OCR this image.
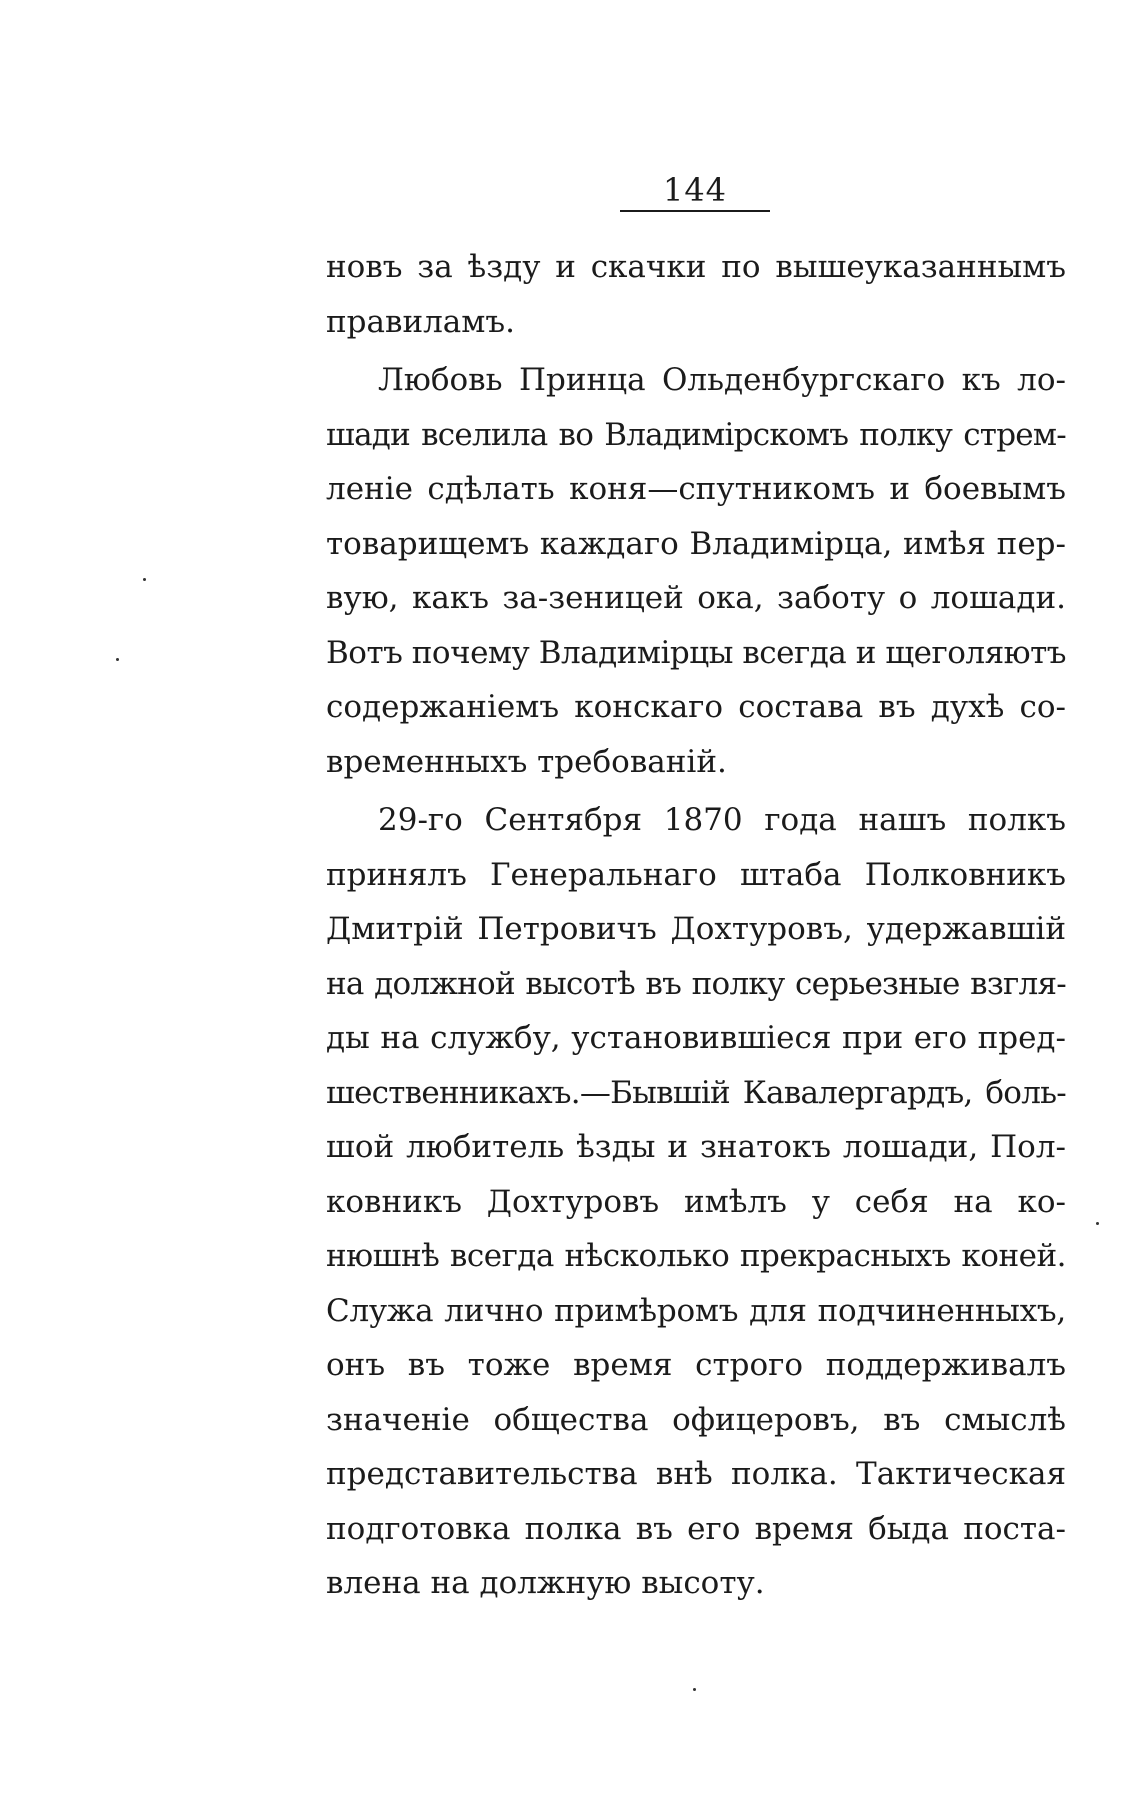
144
новъ за ѣзду и скачки по вышеуказаннымъ
правиламъ.
Любовь Принца Ольденбургскаго къ ло-
шади вселила во Владимірскомъ полку стрем-
леніе сдѣлать коня—спутникомъ и боевымъ
товарищемъ каждаго Владимірца, имѣя пер-
вую, какъ за-зеницей ока, заботу о лошади.
Вотъ почему Владимірцы всегда и щеголяютъ
содержаніемъ конскаго состава въ духѣ со-
временныхъ требованій.
29-го Сентября 1870 года нашъ полкъ
принялъ Генеральнаго штаба Полковникъ
Дмитрій Петровичъ Дохтуровъ, удержавшій
на должной высотѣ въ полку серьезные взгля-
ды на службу, установившіеся при его пред-
шественникахъ.—Бывшій Кавалергардъ, боль-
шой любитель ѣзды и знатокъ лошади, Пол-
ковникъ Дохтуровъ имѣлъ у себя на ко-
нюшнѣ всегда нѣсколько прекрасныхъ коней.
Служа лично примѣромъ для подчиненныхъ,
онъ въ тоже время строго поддерживалъ
значеніе общества офицеровъ, въ смыслѣ
представительства внѣ полка. Тактическая
подготовка полка въ его время быда поста-
влена на должную высоту.
